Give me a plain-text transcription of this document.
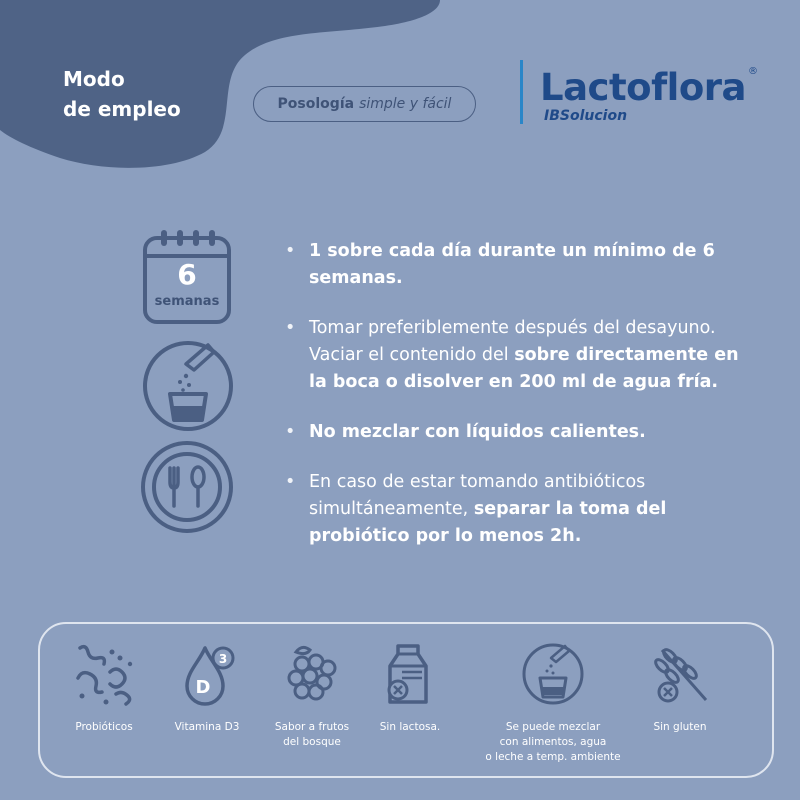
Modo
de empleo	Posología simple y fácil Lactoflora ®
IBSolucion
6
semanas
• 1 sobre cada día durante un mínimo de 6 semanas.
• Tomar preferiblemente después del desayuno. Vaciar el contenido del sobre directamente en la boca o disolver en 200 ml de agua fría.
• No mezclar con líquidos calientes.
• En caso de estar tomando antibióticos simultáneamente, separar la toma del probiótico por lo menos 2h.
Probióticos
D
3
Vitamina D3	Sabor a frutos
del bosque
Sin lactosa.	Se puede mezclar
con alimentos, agua
o leche a temp. ambiente
Sin gluten
